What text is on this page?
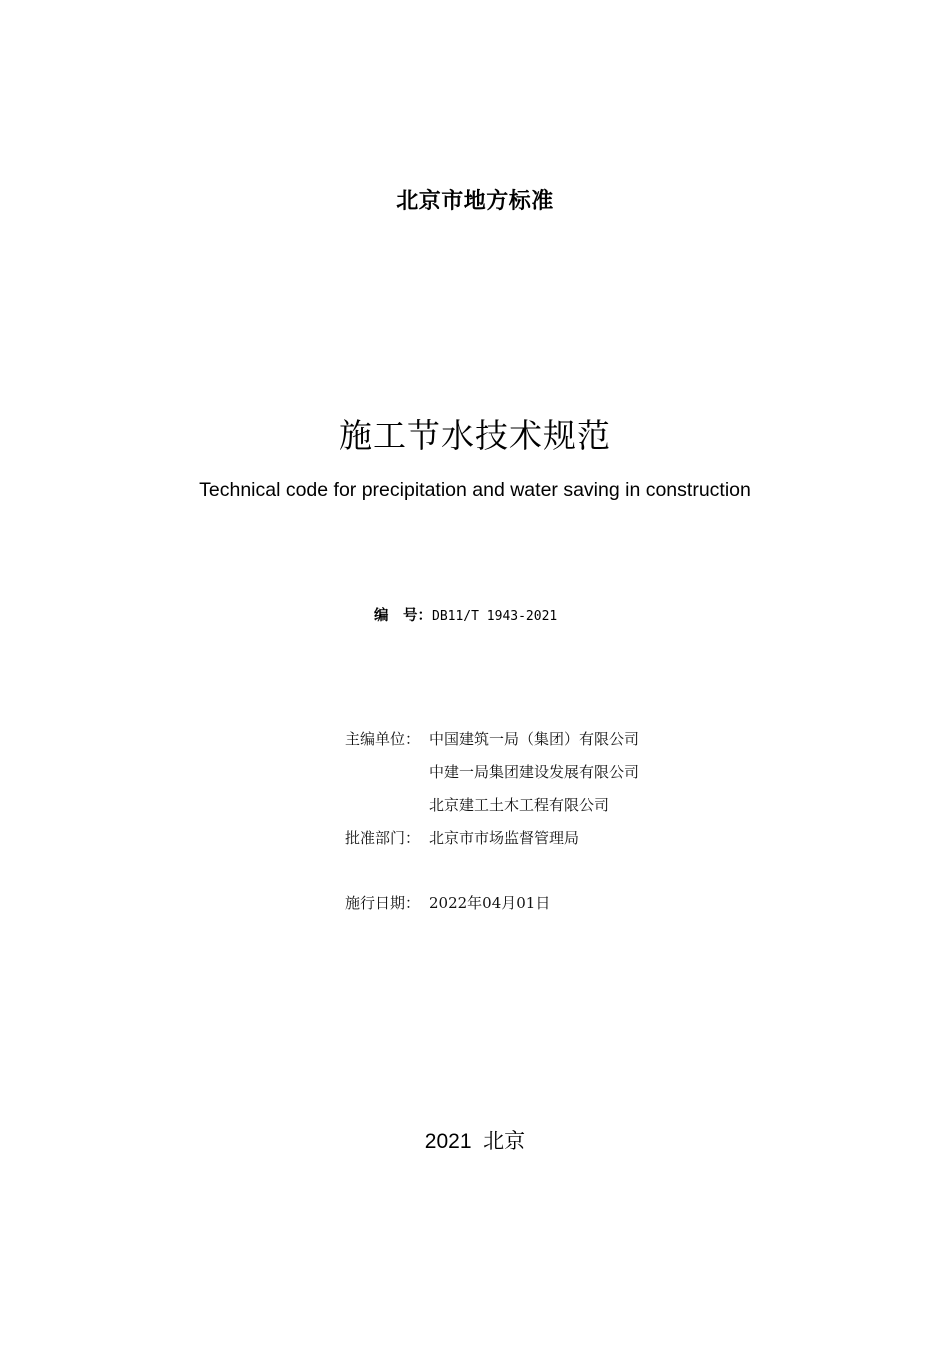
北京市地方标准
施工节水技术规范
Technical code for precipitation and water saving in construction
编　号：DB11/T 1943-2021
主编单位： 中国建筑一局（集团）有限公司
中建一局集团建设发展有限公司
北京建工土木工程有限公司
批准部门： 北京市市场监督管理局
施行日期： 2022年04月01日
2021  北京
